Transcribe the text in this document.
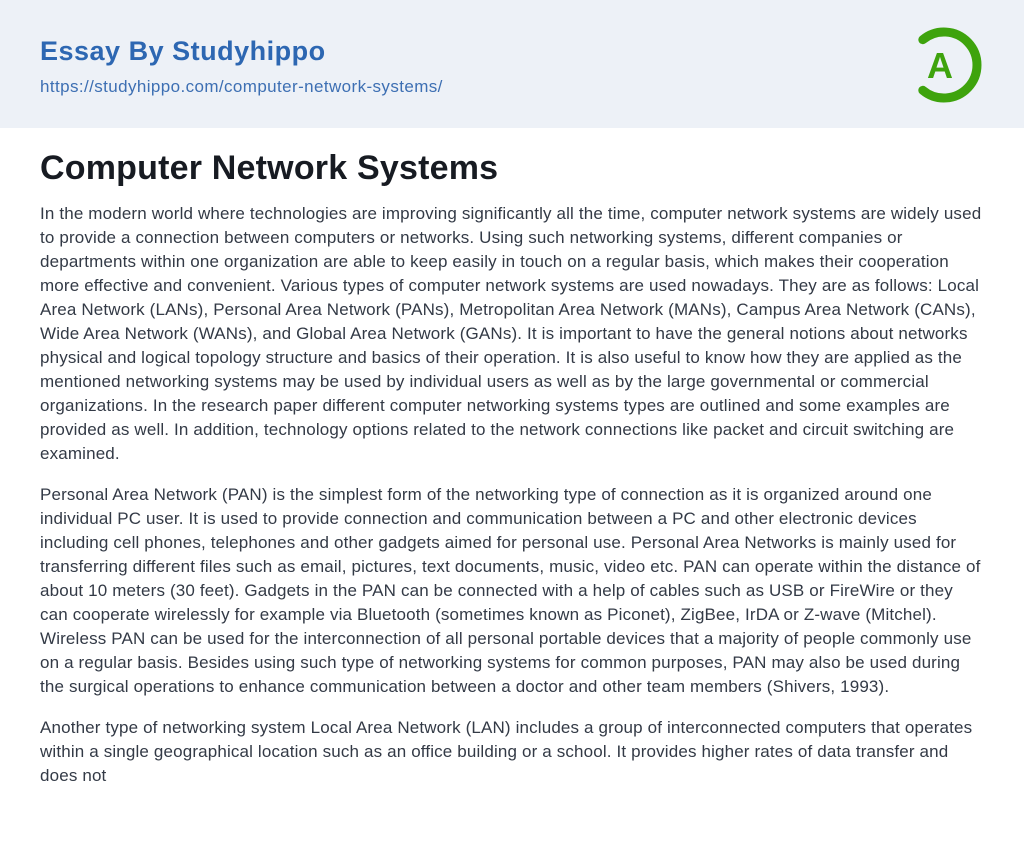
Essay By Studyhippo
https://studyhippo.com/computer-network-systems/
A
Computer Network Systems

In the modern world where technologies are improving significantly all the time, computer network systems are widely used to provide a connection between computers or networks. Using such networking systems, different companies or departments within one organization are able to keep easily in touch on a regular basis, which makes their cooperation more effective and convenient. Various types of computer network systems are used nowadays. They are as follows: Local Area Network (LANs), Personal Area Network (PANs), Metropolitan Area Network (MANs), Campus Area Network (CANs), Wide Area Network (WANs), and Global Area Network (GANs). It is important to have the general notions about networks physical and logical topology structure and basics of their operation. It is also useful to know how they are applied as the mentioned networking systems may be used by individual users as well as by the large governmental or commercial organizations. In the research paper different computer networking systems types are outlined and some examples are provided as well. In addition, technology options related to the network connections like packet and circuit switching are examined.

Personal Area Network (PAN) is the simplest form of the networking type of connection as it is organized around one individual PC user. It is used to provide connection and communication between a PC and other electronic devices including cell phones, telephones and other gadgets aimed for personal use. Personal Area Networks is mainly used for transferring different files such as email, pictures, text documents, music, video etc. PAN can operate within the distance of about 10 meters (30 feet). Gadgets in the PAN can be connected with a help of cables such as USB or FireWire or they can cooperate wirelessly for example via Bluetooth (sometimes known as Piconet), ZigBee, IrDA or Z-wave (Mitchel). Wireless PAN can be used for the interconnection of all personal portable devices that a majority of people commonly use on a regular basis. Besides using such type of networking systems for common purposes, PAN may also be used during the surgical operations to enhance communication between a doctor and other team members (Shivers, 1993).

Another type of networking system Local Area Network (LAN) includes a group of interconnected computers that operates within a single geographical location such as an office building or a school. It provides higher rates of data transfer and does not
